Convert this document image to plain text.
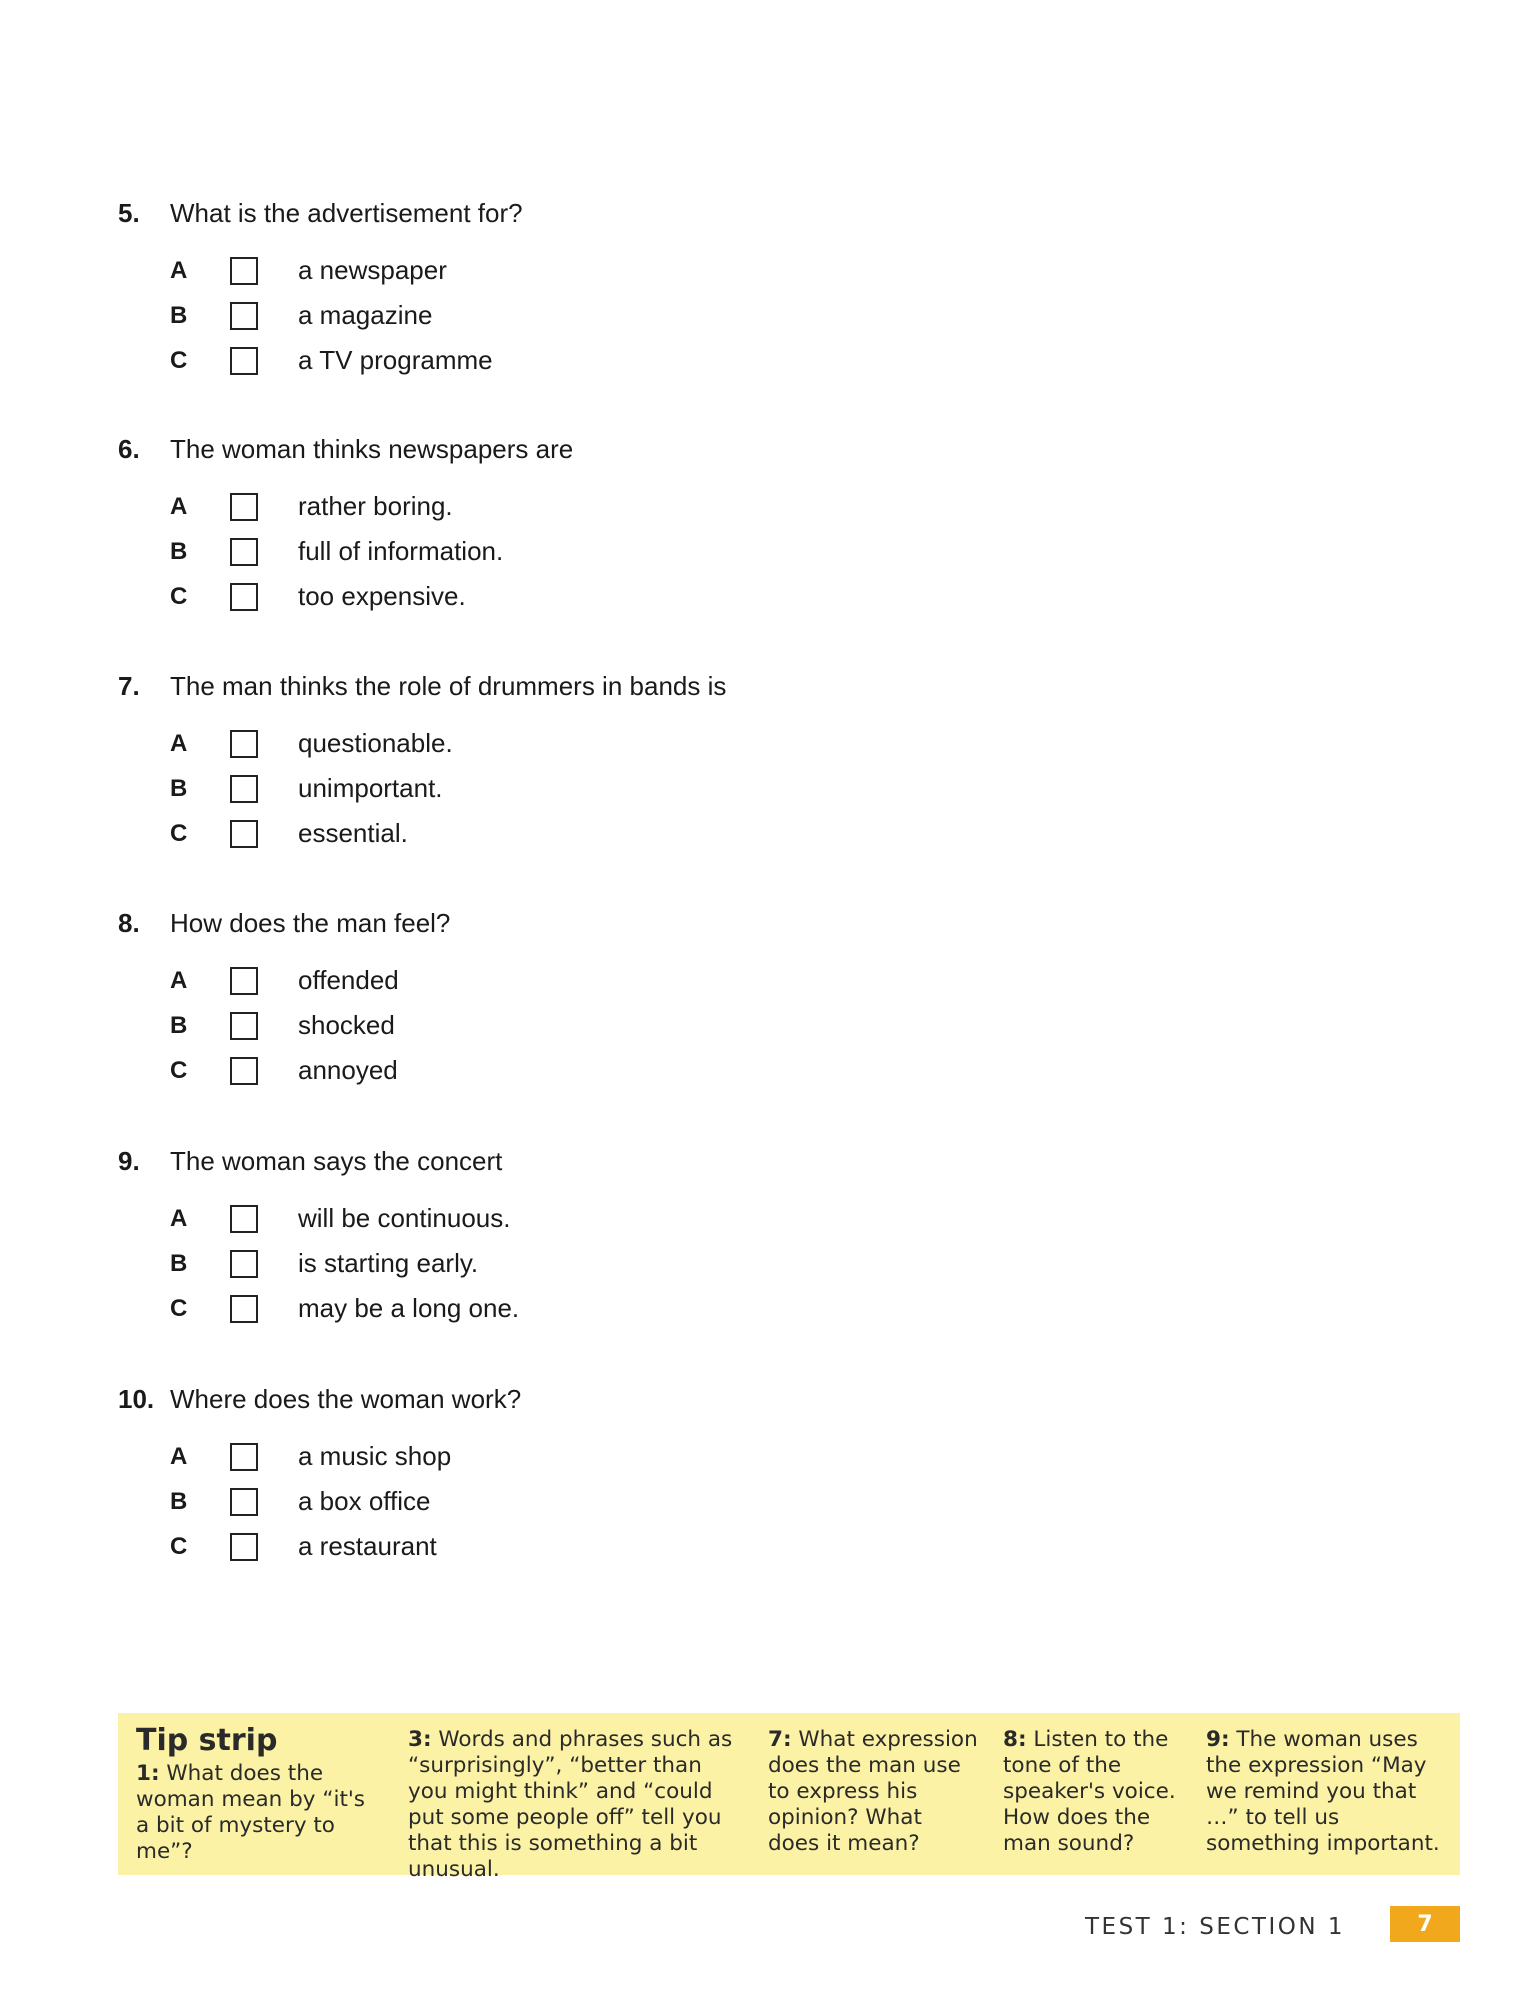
5.	What is the advertisement for?
A	a newspaper
B	a magazine
C	a TV programme
6.	The woman thinks newspapers are
A	rather boring.
B	full of information.
C	too expensive.
7.	The man thinks the role of drummers in bands is
A	questionable.
B	unimportant.
C	essential.
8.	How does the man feel?
A	offended
B	shocked
C	annoyed
9.	The woman says the concert
A	will be continuous.
B	is starting early.
C	may be a long one.
10. Where does the woman work?
A	a music shop
B	a box office
C	a restaurant
Tip strip
1: What does the woman mean by “it's a bit of mystery to me”?
3: Words and phrases such as “surprisingly”, “better than you might think” and “could put some people off” tell you that this is something a bit unusual.
7: What expression does the man use to express his opinion? What does it mean?
8: Listen to the tone of the speaker's voice. How does the man sound?
9: The woman uses the expression “May we remind you that …” to tell us something important.
TEST 1: SECTION 1	7
